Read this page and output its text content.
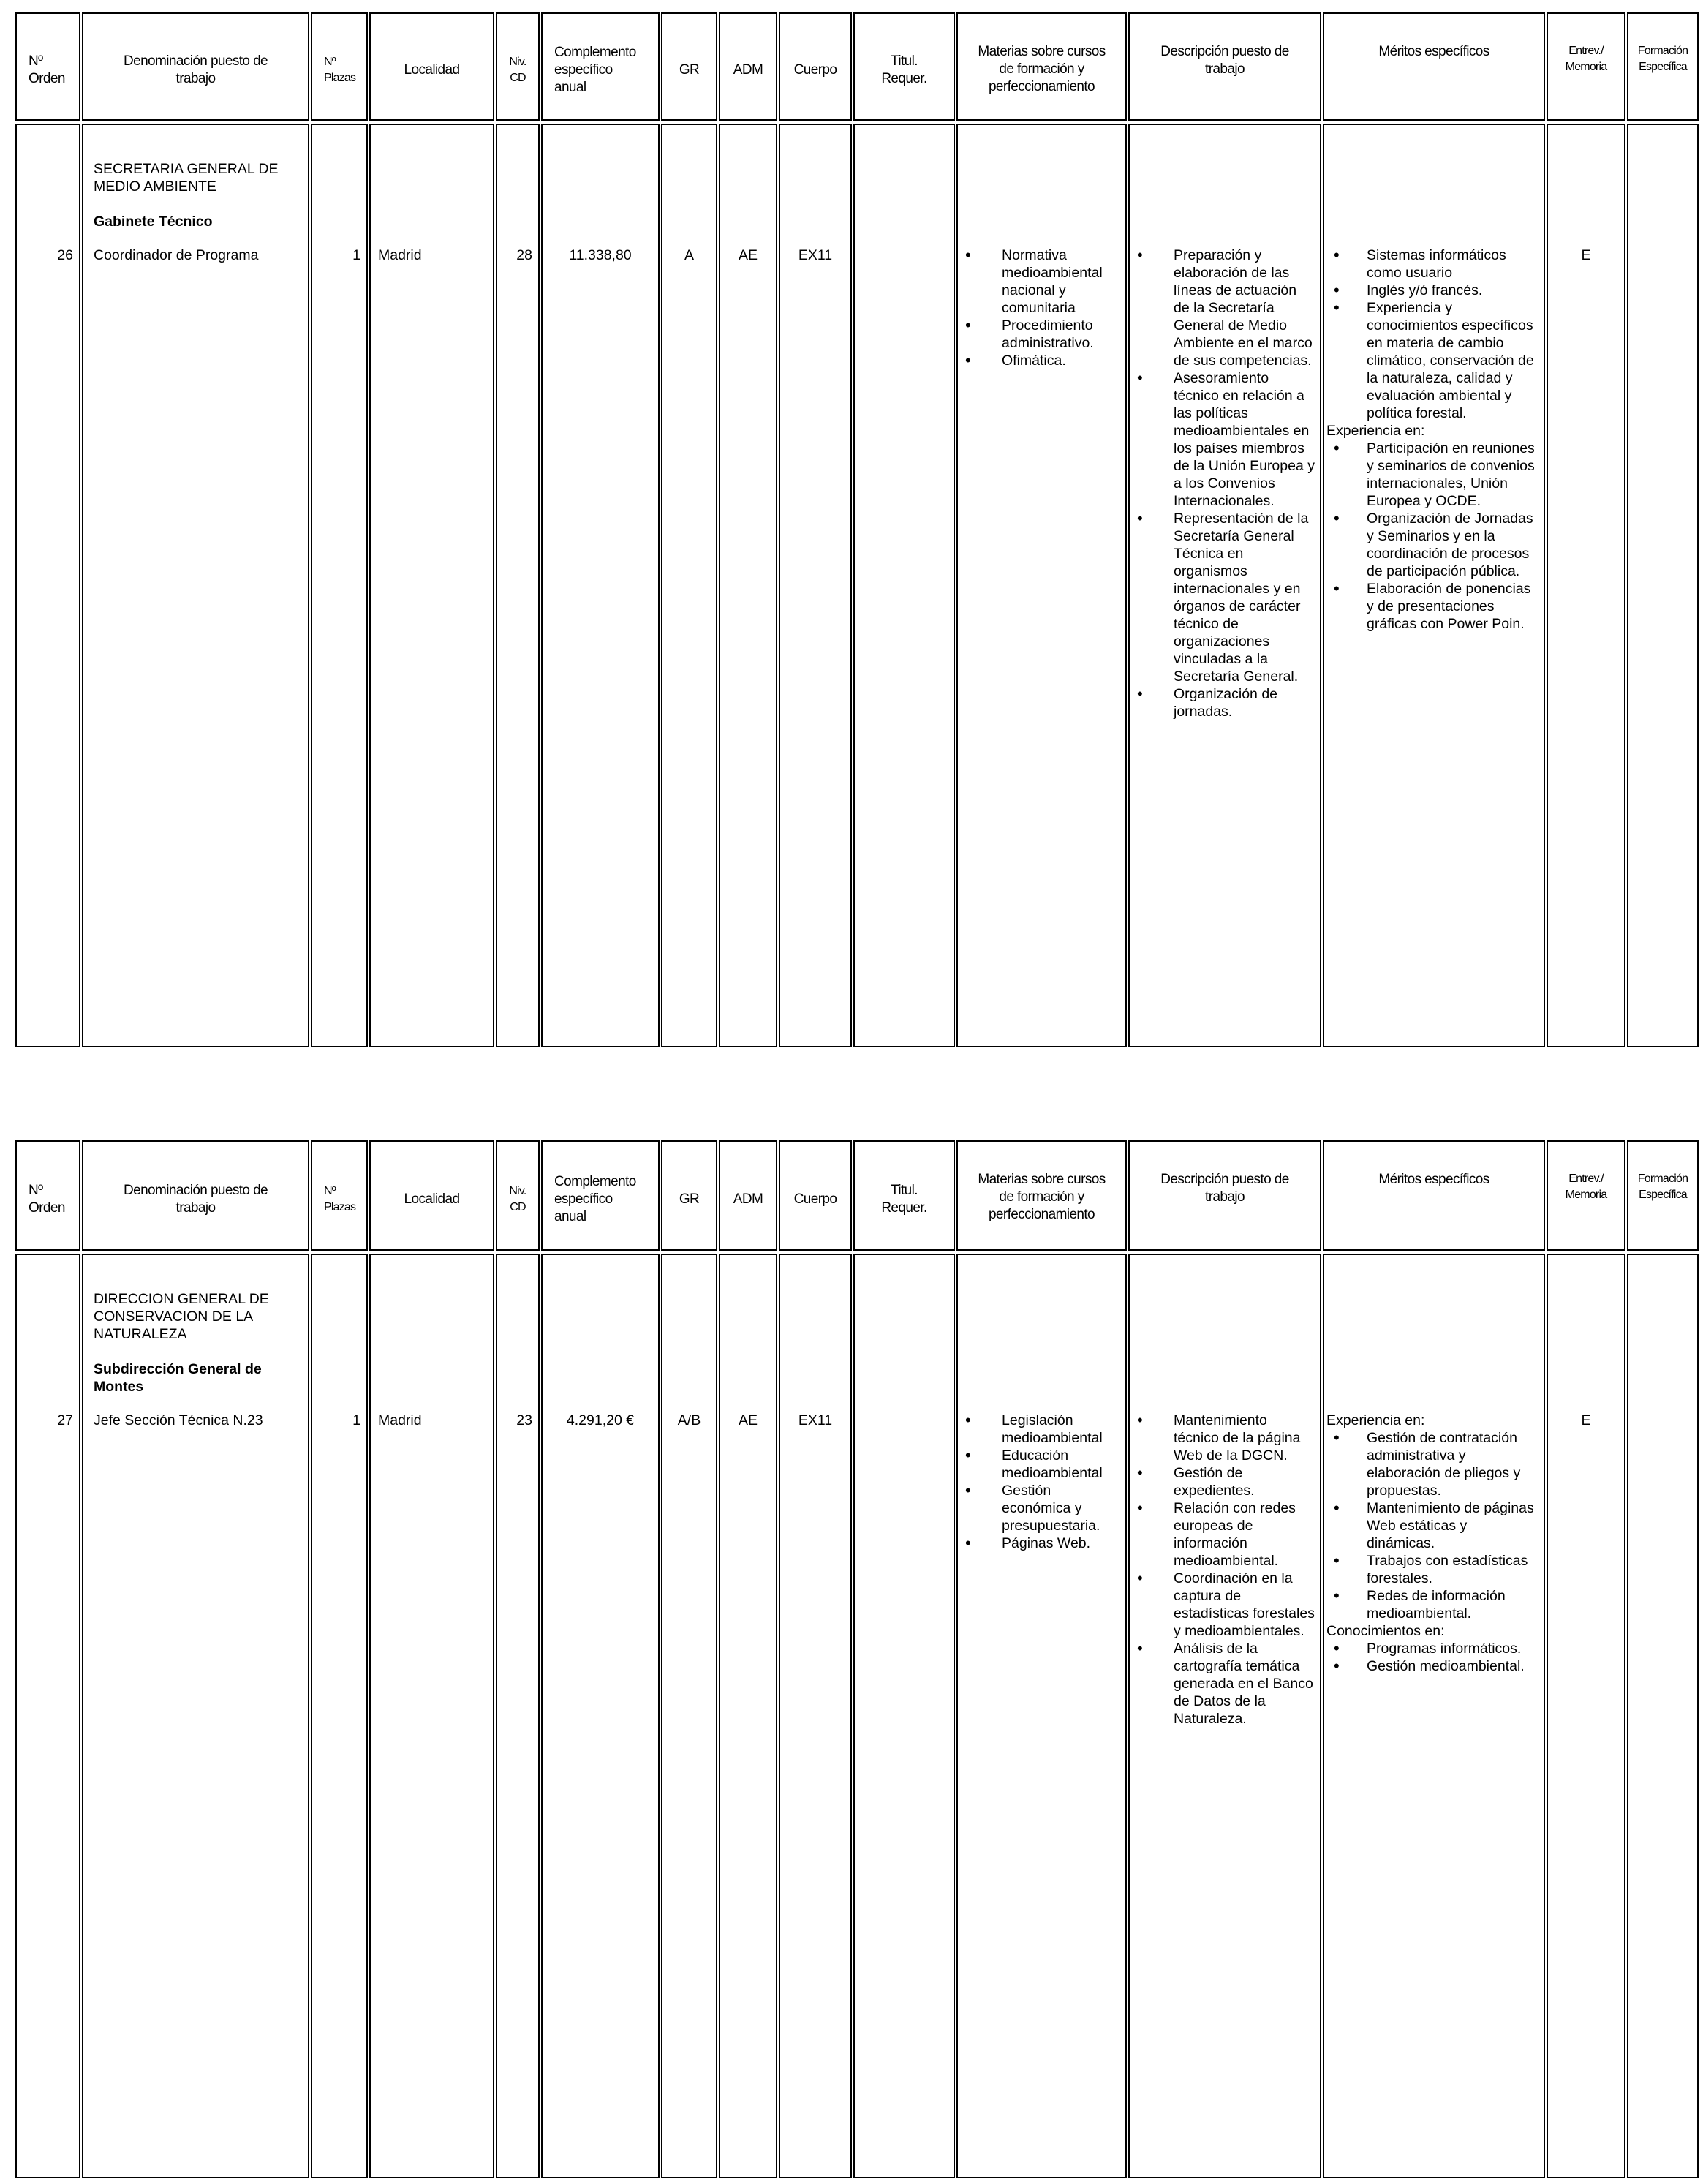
Nº
Orden
26
Denominación puesto de
trabajo
SECRETARIA GENERAL DE MEDIO AMBIENTE
Gabinete Técnico
Coordinador de Programa
Nº
Plazas
1
Localidad
Madrid
Niv.
CD
28
Complemento
específico
anual
11.338,80
GR
A
ADM
AE
Cuerpo
EX11
Titul.
Requer.
Materias sobre cursos
de formación y
perfeccionamiento
• Normativa medioambiental nacional y comunitaria
• Procedimiento administrativo.
• Ofimática.
Descripción puesto de
trabajo
• Preparación y elaboración de las líneas de actuación de la Secretaría General de Medio Ambiente en el marco de sus competencias.
• Asesoramiento técnico en relación a las políticas medioambientales en los países miembros de la Unión Europea y a los Convenios Internacionales.
• Representación de la Secretaría General Técnica en organismos internacionales y en órganos de carácter técnico de organizaciones vinculadas a la Secretaría General.
• Organización de jornadas.
Méritos específicos
• Sistemas informáticos como usuario
• Inglés y/ó francés.
• Experiencia y conocimientos específicos en materia de cambio climático, conservación de la naturaleza, calidad y evaluación ambiental y política forestal.
Experiencia en:
• Participación en reuniones y seminarios de convenios internacionales, Unión Europea y OCDE.
• Organización de Jornadas y Seminarios y en la coordinación de procesos de participación pública.
• Elaboración de ponencias y de presentaciones gráficas con Power Poin.
Entrev./
Memoria
E
Formación
Específica
Nº
Orden
27
Denominación puesto de
trabajo
DIRECCION GENERAL DE CONSERVACION DE LA NATURALEZA
Subdirección General de Montes
Jefe Sección Técnica N.23
Nº
Plazas
1
Localidad
Madrid
Niv.
CD
23
Complemento
específico
anual
4.291,20 €
GR
A/B
ADM
AE
Cuerpo
EX11
Titul.
Requer.
Materias sobre cursos
de formación y
perfeccionamiento
• Legislación medioambiental
• Educación medioambiental
• Gestión económica y presupuestaria.
• Páginas Web.
Descripción puesto de
trabajo
• Mantenimiento técnico de la página Web de la DGCN.
• Gestión de expedientes.
• Relación con redes europeas de información medioambiental.
• Coordinación en la captura de estadísticas forestales y medioambientales.
• Análisis de la cartografía temática generada en el Banco de Datos de la Naturaleza.
Méritos específicos
Experiencia en:
• Gestión de contratación administrativa y elaboración de pliegos y propuestas.
• Mantenimiento de páginas Web estáticas y dinámicas.
• Trabajos con estadísticas forestales.
• Redes de información medioambiental.
Conocimientos en:
• Programas informáticos.
• Gestión medioambiental.
Entrev./
Memoria
E
Formación
Específica
